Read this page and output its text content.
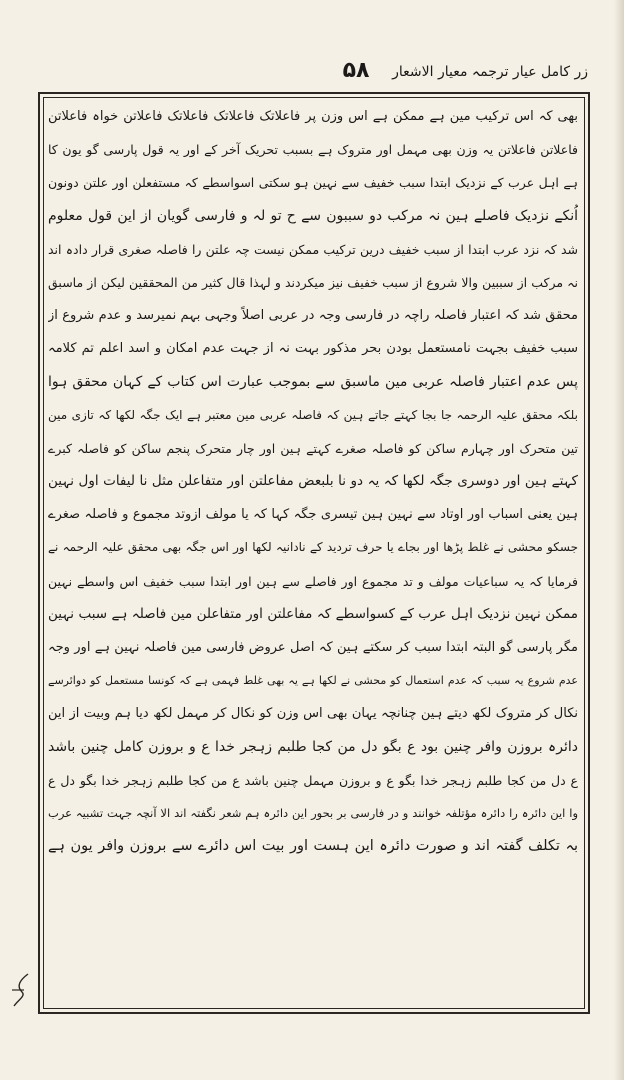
۵۸	زر کامل عیار ترجمہ معیار الاشعار
بھی کہ اس ترکیب مین ہے ممکن ہے اس وزن پر فاعلاتک فاعلاتک فاعلاتک فاعلاتن خواہ فاعلاتن
فاعلاتن فاعلاتن یہ وزن بھی مہمل اور متروک ہے بسبب تحریک آخر کے اور یہ قول پارسی گو یون کا
ہے اہل عرب کے نزدیک ابتدا سبب خفیف سے نہین ہو سکتی اسواسطے کہ مستفعلن اور علتن دونون
اُنکے نزدیک فاصلے ہین نہ مرکب دو سببون سے ح تو لہ و فارسی گویان از این قول معلوم
شد کہ نزد عرب ابتدا از سبب خفیف درین ترکیب ممکن نیست چہ علتن را فاصلہ صغری قرار دادہ اند
نہ مرکب از سببین والا شروع از سبب خفیف نیز میکردند و لہذا قال کثیر من المحققین لیکن از ماسبق
محقق شد کہ اعتبار فاصلہ راچہ در فارسی وجہ در عربی اصلاً وجہی بہم نمیرسد و عدم شروع از
سبب خفیف بجہت نامستعمل بودن بحر مذکور بہت نہ از جہت عدم امکان و اسد اعلم تم کلامہ
پس عدم اعتبار فاصلہ عربی مین ماسبق سے بموجب عبارت اس کتاب کے کہان محقق ہوا
بلکہ محقق علیہ الرحمہ جا بجا کہتے جاتے ہین کہ فاصلہ عربی مین معتبر ہے ایک جگہ لکھا کہ تازی مین
تین متحرک اور چہارم ساکن کو فاصلہ صغرے کہتے ہین اور چار متحرک پنجم ساکن کو فاصلہ کبرے
کہتے ہین اور دوسری جگہ لکھا کہ یہ دو نا بلبعض مفاعلتن اور متفاعلن مثل نا لیفات اول نہین
ہین یعنی اسباب اور اوتاد سے نہین ہین تیسری جگہ کہا کہ یا مولف ازوتد مجموع و فاصلہ صغرے
جسکو محشی نے غلط پڑھا اور بجاے یا حرف تردید کے نادانیہ لکھا اور اس جگہ بھی محقق علیہ الرحمہ نے
فرمایا کہ یہ سباعیات مولف و تد مجموع اور فاصلے سے ہین اور ابتدا سبب خفیف اس واسطے نہین
ممکن نہین نزدیک اہل عرب کے کسواسطے کہ مفاعلتن اور متفاعلن مین فاصلہ ہے سبب نہین
مگر پارسی گو البتہ ابتدا سبب کر سکتے ہین کہ اصل عروض فارسی مین فاصلہ نہین ہے اور وجہ
عدم شروع یہ سبب کہ عدم استعمال کو محشی نے لکھا ہے یہ بھی غلط فہمی ہے کہ کونسا مستعمل کو دوائرسے
نکال کر متروک لکھ دیتے ہین چنانچہ یہان بھی اس وزن کو نکال کر مہمل لکھ دیا ہم وبیت از این
دائرہ بروزن وافر چنین بود ع بگو دل من کجا طلبم زہجر خدا ع و بروزن کامل چنین باشد
ع دل من کجا طلبم زہجر خدا بگو ع و بروزن مہمل چنین باشد ع من کجا طلبم زہجر خدا بگو دل ع
وا این دائرہ را دائرہ مؤتلفہ خوانند و در فارسی بر بحور این دائرہ ہم شعر نگفتہ اند الا آنچہ جہت تشبیہ عرب
بہ تکلف گفتہ اند و صورت دائرہ این ہست اور بیت اس دائرے سے بروزن وافر یون ہے
